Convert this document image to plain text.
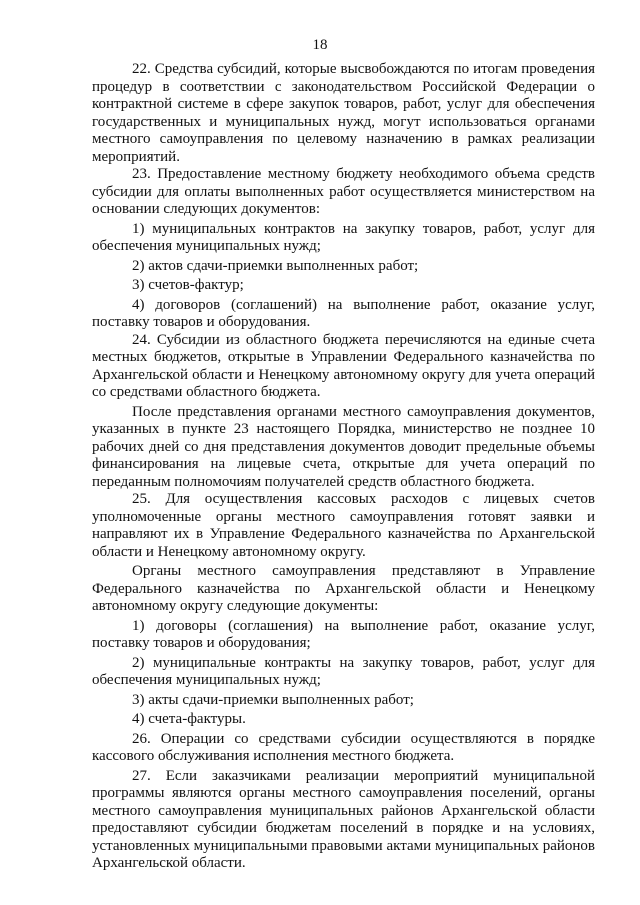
18

22. Средства субсидий, которые высвобождаются по итогам проведения процедур в соответствии с законодательством Российской Федерации о контрактной системе в сфере закупок товаров, работ, услуг для обеспечения государственных и муниципальных нужд, могут использоваться органами местного самоуправления по целевому назначению в рамках реализации мероприятий.

23. Предоставление местному бюджету необходимого объема средств субсидии для оплаты выполненных работ осуществляется министерством на основании следующих документов:

1) муниципальных контрактов на закупку товаров, работ, услуг для обеспечения муниципальных нужд;

2) актов сдачи-приемки выполненных работ;

3) счетов-фактур;

4) договоров (соглашений) на выполнение работ, оказание услуг, поставку товаров и оборудования.

24. Субсидии из областного бюджета перечисляются на единые счета местных бюджетов, открытые в Управлении Федерального казначейства по Архангельской области и Ненецкому автономному округу для учета операций со средствами областного бюджета.

После представления органами местного самоуправления документов, указанных в пункте 23 настоящего Порядка, министерство не позднее 10 рабочих дней со дня представления документов доводит предельные объемы финансирования на лицевые счета, открытые для учета операций по переданным полномочиям получателей средств областного бюджета.

25. Для осуществления кассовых расходов с лицевых счетов уполномоченные органы местного самоуправления готовят заявки и направляют их в Управление Федерального казначейства по Архангельской области и Ненецкому автономному округу.

Органы местного самоуправления представляют в Управление Федерального казначейства по Архангельской области и Ненецкому автономному округу следующие документы:

1) договоры (соглашения) на выполнение работ, оказание услуг, поставку товаров и оборудования;

2) муниципальные контракты на закупку товаров, работ, услуг для обеспечения муниципальных нужд;

3) акты сдачи-приемки выполненных работ;

4) счета-фактуры.

26. Операции со средствами субсидии осуществляются в порядке кассового обслуживания исполнения местного бюджета.

27. Если заказчиками реализации мероприятий муниципальной программы являются органы местного самоуправления поселений, органы местного самоуправления муниципальных районов Архангельской области предоставляют субсидии бюджетам поселений в порядке и на условиях, установленных муниципальными правовыми актами муниципальных районов Архангельской области.
